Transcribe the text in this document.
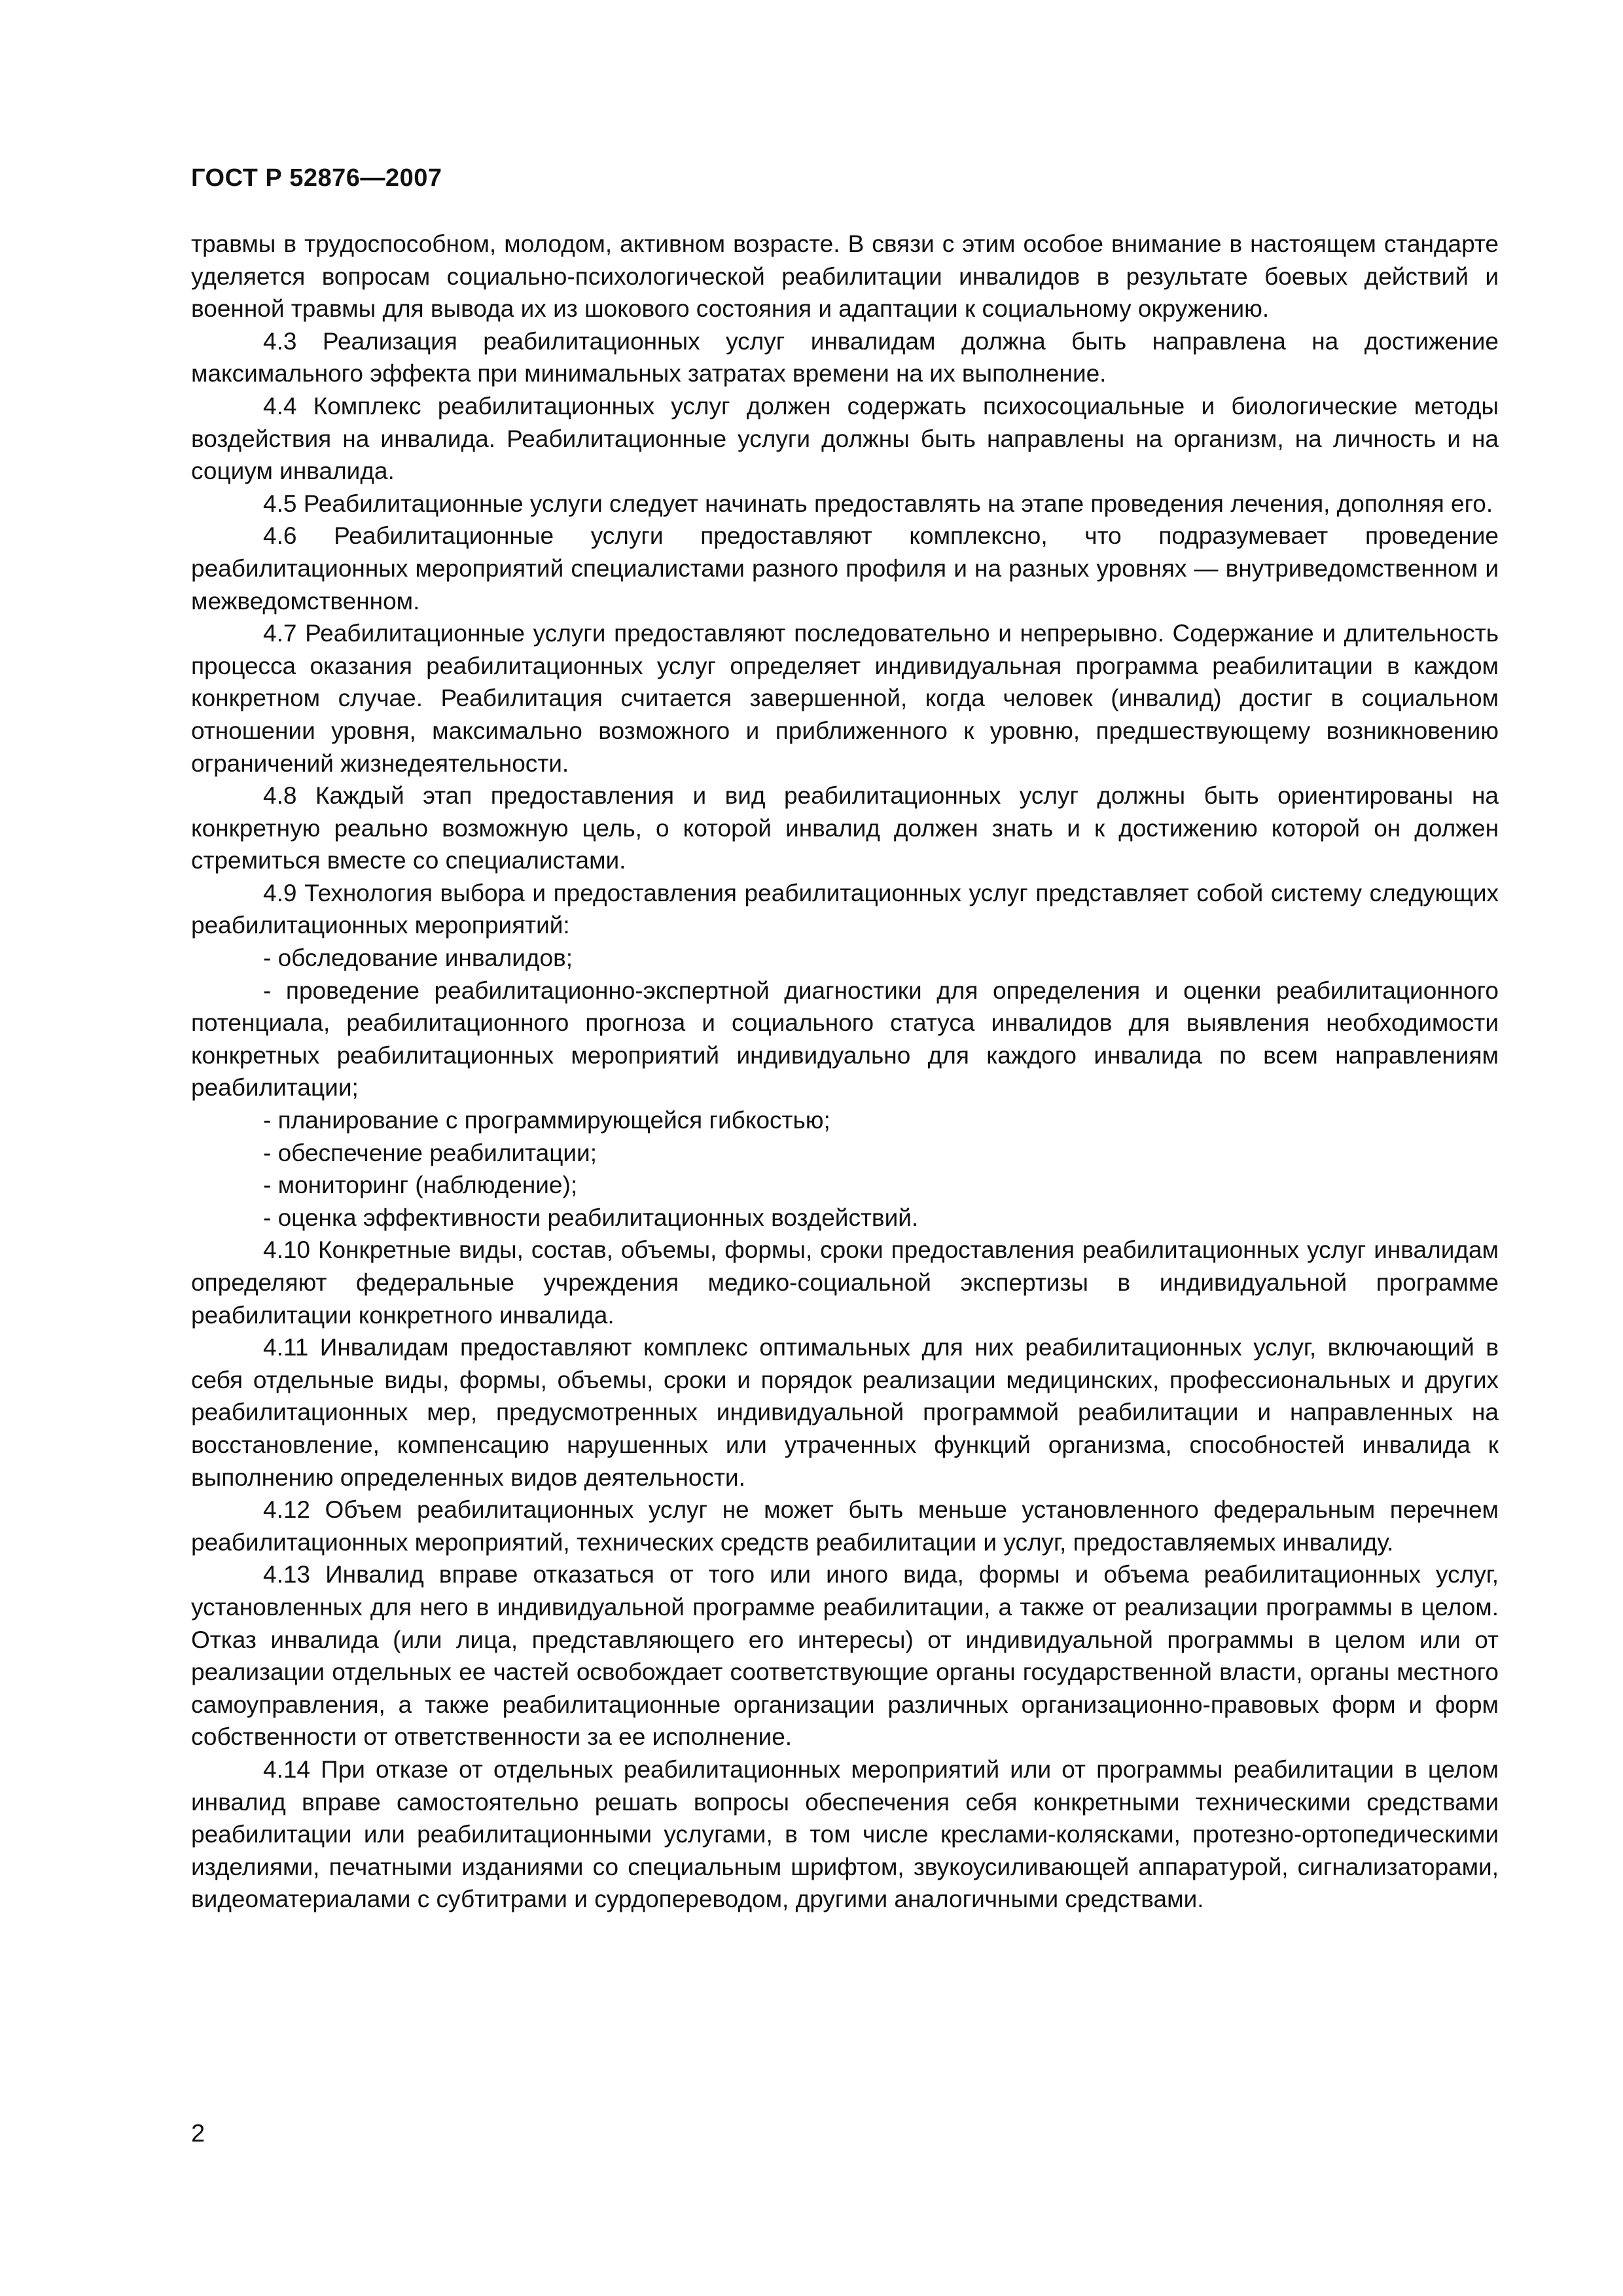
ГОСТ Р 52876—2007

травмы в трудоспособном, молодом, активном возрасте. В связи с этим особое внимание в настоящем стандарте уделяется вопросам социально-психологической реабилитации инвалидов в результате боевых действий и военной травмы для вывода их из шокового состояния и адаптации к социальному окружению.

4.3 Реализация реабилитационных услуг инвалидам должна быть направлена на достижение максимального эффекта при минимальных затратах времени на их выполнение.

4.4 Комплекс реабилитационных услуг должен содержать психосоциальные и биологические методы воздействия на инвалида. Реабилитационные услуги должны быть направлены на организм, на личность и на социум инвалида.

4.5 Реабилитационные услуги следует начинать предоставлять на этапе проведения лечения, дополняя его.

4.6 Реабилитационные услуги предоставляют комплексно, что подразумевает проведение реабилитационных мероприятий специалистами разного профиля и на разных уровнях — внутриведомственном и межведомственном.

4.7 Реабилитационные услуги предоставляют последовательно и непрерывно. Содержание и длительность процесса оказания реабилитационных услуг определяет индивидуальная программа реабилитации в каждом конкретном случае. Реабилитация считается завершенной, когда человек (инвалид) достиг в социальном отношении уровня, максимально возможного и приближенного к уровню, предшествующему возникновению ограничений жизнедеятельности.

4.8 Каждый этап предоставления и вид реабилитационных услуг должны быть ориентированы на конкретную реально возможную цель, о которой инвалид должен знать и к достижению которой он должен стремиться вместе со специалистами.

4.9 Технология выбора и предоставления реабилитационных услуг представляет собой систему следующих реабилитационных мероприятий:

- обследование инвалидов;

- проведение реабилитационно-экспертной диагностики для определения и оценки реабилитационного потенциала, реабилитационного прогноза и социального статуса инвалидов для выявления необходимости конкретных реабилитационных мероприятий индивидуально для каждого инвалида по всем направлениям реабилитации;

- планирование с программирующейся гибкостью;

- обеспечение реабилитации;

- мониторинг (наблюдение);

- оценка эффективности реабилитационных воздействий.

4.10 Конкретные виды, состав, объемы, формы, сроки предоставления реабилитационных услуг инвалидам определяют федеральные учреждения медико-социальной экспертизы в индивидуальной программе реабилитации конкретного инвалида.

4.11 Инвалидам предоставляют комплекс оптимальных для них реабилитационных услуг, включающий в себя отдельные виды, формы, объемы, сроки и порядок реализации медицинских, профессиональных и других реабилитационных мер, предусмотренных индивидуальной программой реабилитации и направленных на восстановление, компенсацию нарушенных или утраченных функций организма, способностей инвалида к выполнению определенных видов деятельности.

4.12 Объем реабилитационных услуг не может быть меньше установленного федеральным перечнем реабилитационных мероприятий, технических средств реабилитации и услуг, предоставляемых инвалиду.

4.13 Инвалид вправе отказаться от того или иного вида, формы и объема реабилитационных услуг, установленных для него в индивидуальной программе реабилитации, а также от реализации программы в целом. Отказ инвалида (или лица, представляющего его интересы) от индивидуальной программы в целом или от реализации отдельных ее частей освобождает соответствующие органы государственной власти, органы местного самоуправления, а также реабилитационные организации различных организационно-правовых форм и форм собственности от ответственности за ее исполнение.

4.14 При отказе от отдельных реабилитационных мероприятий или от программы реабилитации в целом инвалид вправе самостоятельно решать вопросы обеспечения себя конкретными техническими средствами реабилитации или реабилитационными услугами, в том числе креслами-колясками, протезно-ортопедическими изделиями, печатными изданиями со специальным шрифтом, звукоусиливающей аппаратурой, сигнализаторами, видеоматериалами с субтитрами и сурдопереводом, другими аналогичными средствами.

2
